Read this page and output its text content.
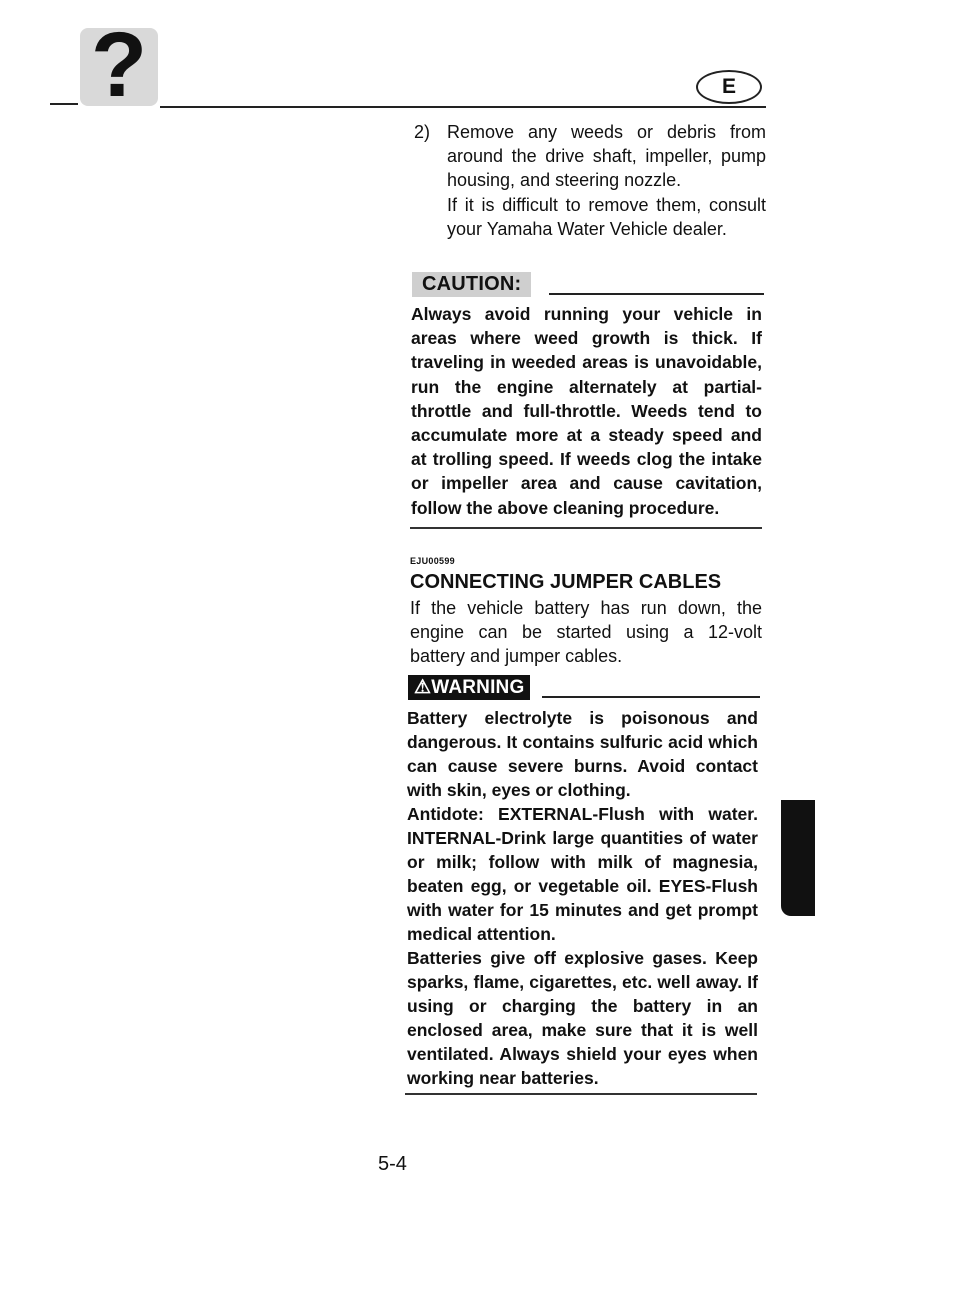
?	E
2) Remove any weeds or debris from around the drive shaft, impeller, pump housing, and steering nozzle.

If it is difficult to remove them, consult your Yamaha Water Vehicle dealer.

CAUTION:

Always avoid running your vehicle in areas where weed growth is thick. If traveling in weeded areas is unavoidable, run the engine alternately at partial-throttle and full-throttle. Weeds tend to accumulate more at a steady speed and at trolling speed. If weeds clog the intake or impeller area and cause cavitation, follow the above cleaning procedure.

EJU00599
CONNECTING JUMPER CABLES
If the vehicle battery has run down, the engine can be started using a 12-volt battery and jumper cables.
⚠WARNING

Battery electrolyte is poisonous and dangerous. It contains sulfuric acid which can cause severe burns. Avoid contact with skin, eyes or clothing.

Antidote: EXTERNAL-Flush with water. INTERNAL-Drink large quantities of water or milk; follow with milk of magnesia, beaten egg, or vegetable oil. EYES-Flush with water for 15 minutes and get prompt medical attention.

Batteries give off explosive gases. Keep sparks, flame, cigarettes, etc. well away. If using or charging the battery in an enclosed area, make sure that it is well ventilated. Always shield your eyes when working near batteries.

5-4
